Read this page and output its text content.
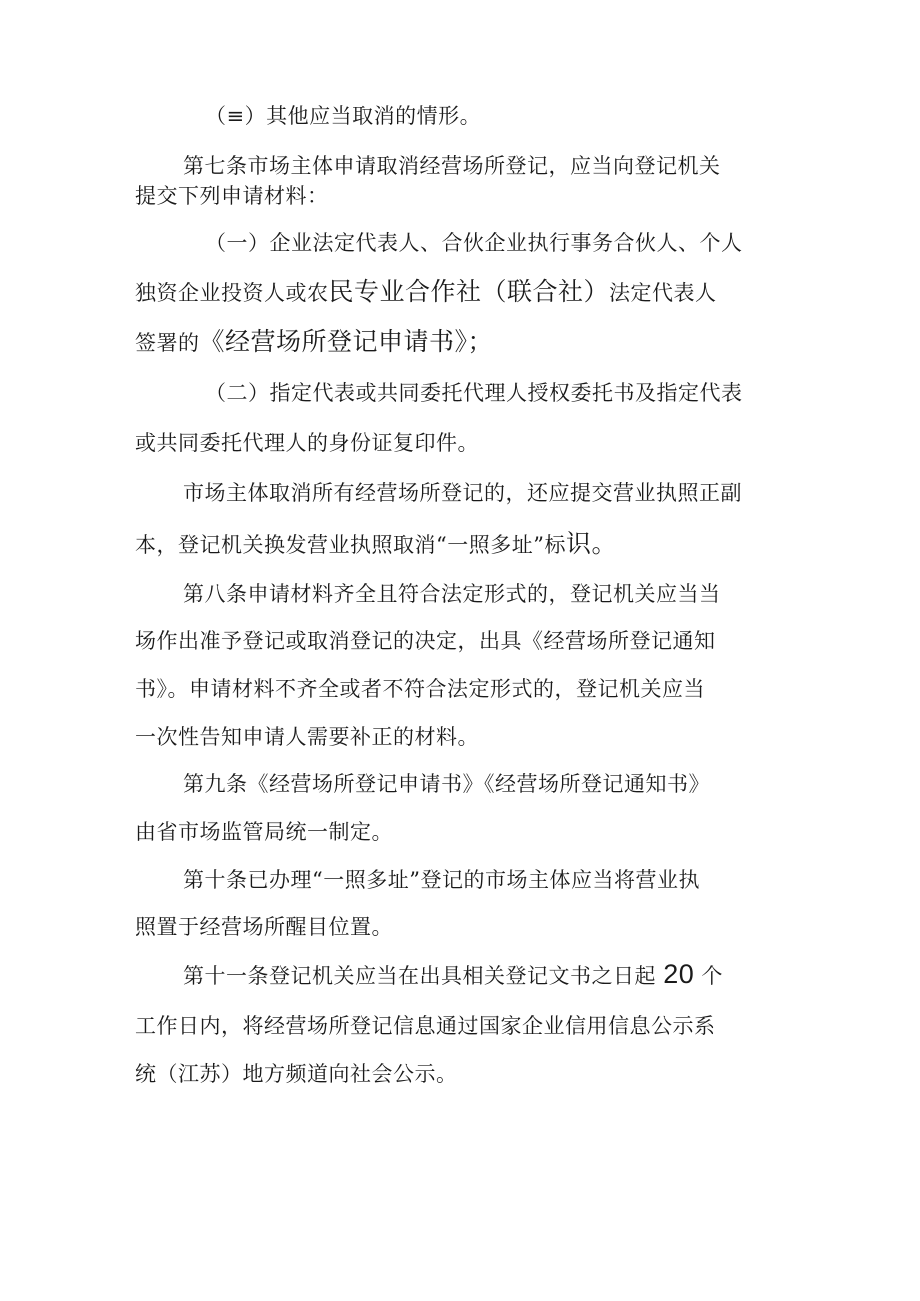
（≡）其他应当取消的情形。
第七条市场主体申请取消经营场所登记，应当向登记机关
提交下列申请材料：
（一）企业法定代表人、合伙企业执行事务合伙人、个人
独资企业投资人或农民专业合作社（联合社）法定代表人
签署的《经营场所登记申请书》；
（二）指定代表或共同委托代理人授权委托书及指定代表
或共同委托代理人的身份证复印件。
市场主体取消所有经营场所登记的，还应提交营业执照正副
本，登记机关换发营业执照取消“一照多址”标识。
第八条申请材料齐全且符合法定形式的，登记机关应当当
场作出准予登记或取消登记的决定，出具《经营场所登记通知
书》。申请材料不齐全或者不符合法定形式的，登记机关应当
一次性告知申请人需要补正的材料。
第九条《经营场所登记申请书》《经营场所登记通知书》
由省市场监管局统一制定。
第十条已办理“一照多址”登记的市场主体应当将营业执
照置于经营场所醒目位置。
第十一条登记机关应当在出具相关登记文书之日起 20 个
工作日内，将经营场所登记信息通过国家企业信用信息公示系
统（江苏）地方频道向社会公示。
